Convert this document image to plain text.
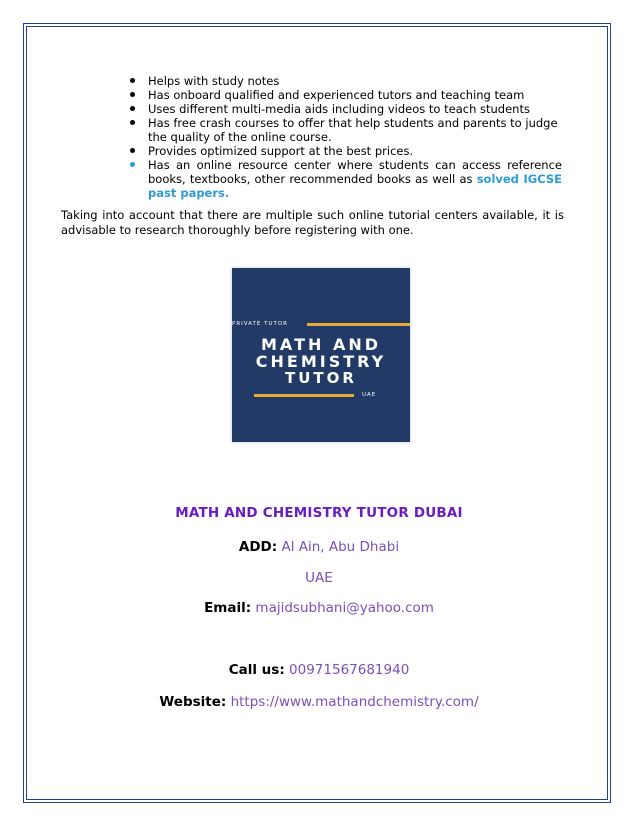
Helps with study notes
Has onboard qualified and experienced tutors and teaching team
Uses different multi-media aids including videos to teach students
Has free crash courses to offer that help students and parents to judge the quality of the online course.
Provides optimized support at the best prices.
Has an online resource center where students can access reference books, textbooks, other recommended books as well as solved IGCSE past papers.

Taking into account that there are multiple such online tutorial centers available, it is advisable to research thoroughly before registering with one.

PRIVATE TUTOR
MATH AND
CHEMISTRY
TUTOR
UAE
MATH AND CHEMISTRY TUTOR DUBAI
ADD: Al Ain, Abu Dhabi
UAE
Email: majidsubhani@yahoo.com
Call us: 00971567681940
Website: https://www.mathandchemistry.com/
